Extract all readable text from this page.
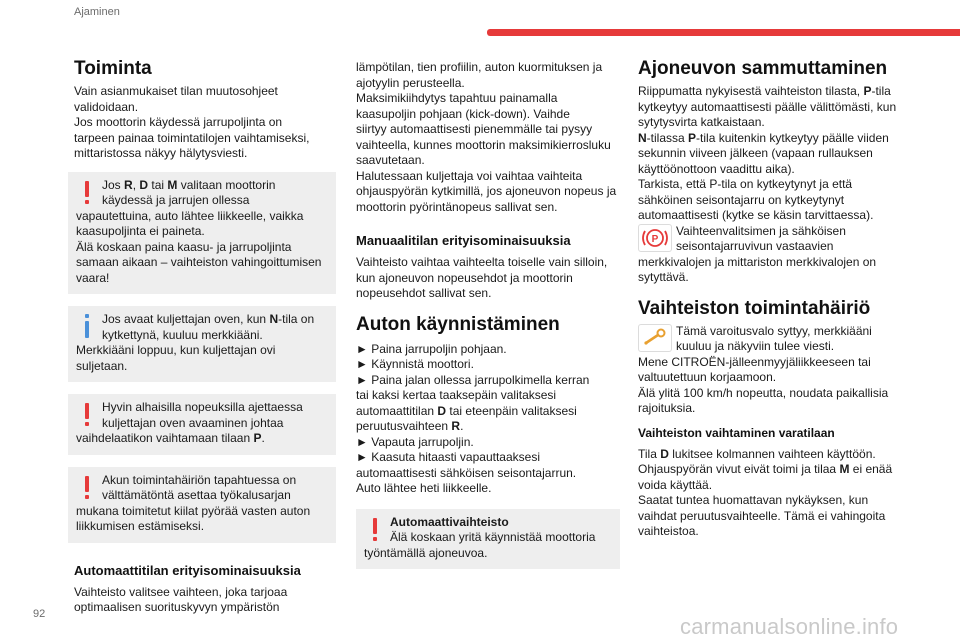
Ajaminen
Toiminta
Vain asianmukaiset tilan muutosohjeet
validoidaan.
Jos moottorin käydessä jarrupoljinta on
tarpeen painaa toimintatilojen vaihtamiseksi,
mittaristossa näkyy hälytysviesti.
Jos R, D tai M valitaan moottorin
käydessä ja jarrujen ollessa
vapautettuina, auto lähtee liikkeelle, vaikka
kaasupoljinta ei paineta.
Älä koskaan paina kaasu- ja jarrupoljinta
samaan aikaan – vaihteiston vahingoittumisen
vaara!
Jos avaat kuljettajan oven, kun N-tila on
kytkettynä, kuuluu merkkiääni.
Merkkiääni loppuu, kun kuljettajan ovi
suljetaan.
Hyvin alhaisilla nopeuksilla ajettaessa
kuljettajan oven avaaminen johtaa
vaihdelaatikon vaihtamaan tilaan P.
Akun toimintahäiriön tapahtuessa on
välttämätöntä asettaa työkalusarjan
mukana toimitetut kiilat pyörää vasten auton
liikkumisen estämiseksi.
Automaattitilan erityisominaisuuksia
Vaihteisto valitsee vaihteen, joka tarjoaa
optimaalisen suorituskyvyn ympäristön
lämpötilan, tien profiilin, auton kuormituksen ja
ajotyylin perusteella.
Maksimikiihdytys tapahtuu painamalla
kaasupoljin pohjaan (kick-down). Vaihde
siirtyy automaattisesti pienemmälle tai pysyy
vaihteella, kunnes moottorin maksimikierrosluku
saavutetaan.
Halutessaan kuljettaja voi vaihtaa vaihteita
ohjauspyörän kytkimillä, jos ajoneuvon nopeus ja
moottorin pyörintänopeus sallivat sen.
Manuaalitilan erityisominaisuuksia
Vaihteisto vaihtaa vaihteelta toiselle vain silloin,
kun ajoneuvon nopeusehdot ja moottorin
nopeusehdot sallivat sen.
Auton käynnistäminen
► Paina jarrupoljin pohjaan.
► Käynnistä moottori.
► Paina jalan ollessa jarrupolkimella kerran
tai kaksi kertaa taaksepäin valitaksesi
automaattitilan D tai eteenpäin valitaksesi
peruutusvaihteen R.
► Vapauta jarrupoljin.
► Kaasuta hitaasti vapauttaaksesi
automaattisesti sähköisen seisontajarrun.
Auto lähtee heti liikkeelle.
Automaattivaihteisto
Älä koskaan yritä käynnistää moottoria
työntämällä ajoneuvoa.
Ajoneuvon sammuttaminen
Riippumatta nykyisestä vaihteiston tilasta, P-tila
kytkeytyy automaattisesti päälle välittömästi, kun
sytytysvirta katkaistaan.
N-tilassa P-tila kuitenkin kytkeytyy päälle viiden
sekunnin viiveen jälkeen (vapaan rullauksen
käyttöönottoon vaadittu aika).
Tarkista, että P-tila on kytkeytynyt ja että
sähköinen seisontajarru on kytkeytynyt
automaattisesti (kytke se käsin tarvittaessa).
P
Vaihteenvalitsimen ja sähköisen
seisontajarruvivun vastaavien
merkkivalojen ja mittariston merkkivalojen on
sytyttävä.
Vaihteiston toimintahäiriö
Tämä varoitusvalo syttyy, merkkiääni
kuuluu ja näkyviin tulee viesti.
Mene CITROËN-jälleenmyyjäliikkeeseen tai
valtuutettuun korjaamoon.
Älä ylitä 100 km/h nopeutta, noudata paikallisia
rajoituksia.
Vaihteiston vaihtaminen varatilaan
Tila D lukitsee kolmannen vaihteen käyttöön.
Ohjauspyörän vivut eivät toimi ja tilaa M ei enää
voida käyttää.
Saatat tuntea huomattavan nykäyksen, kun
vaihdat peruutusvaihteelle. Tämä ei vahingoita
vaihteistoa.
92	carmanualsonline.info
